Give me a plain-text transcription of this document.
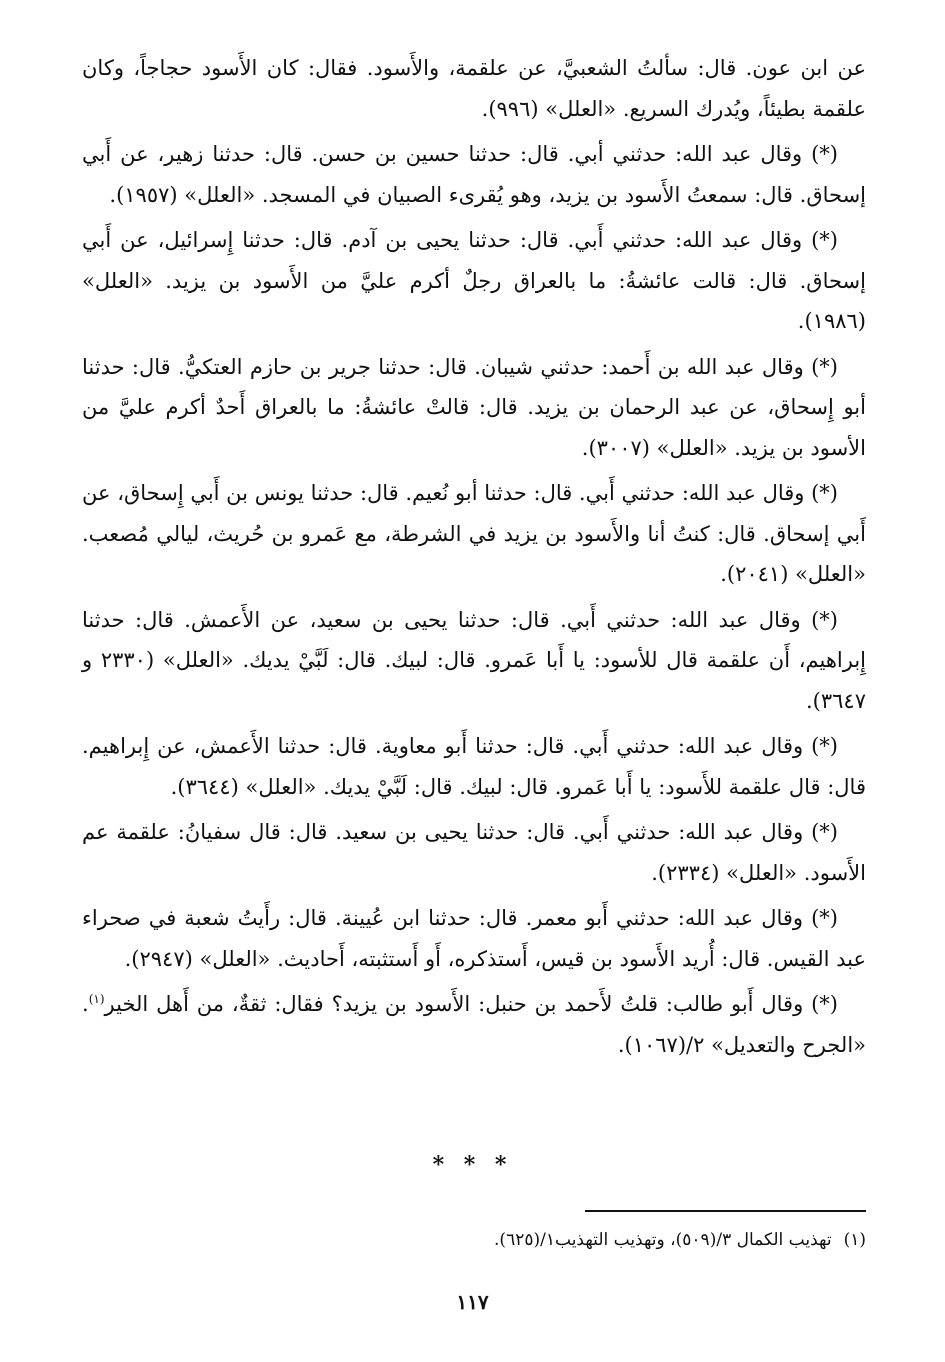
عن ابن عون. قال: سألتُ الشعبيَّ، عن علقمة، والأَسود. فقال: كان الأَسود حجاجاً، وكان علقمة بطيئاً، ويُدرك السريع. «العلل» (٩٩٦).

(*) وقال عبد الله: حدثني أبي. قال: حدثنا حسين بن حسن. قال: حدثنا زهير، عن أَبي إسحاق. قال: سمعتُ الأَسود بن يزيد، وهو يُقرىء الصبيان في المسجد. «العلل» (١٩٥٧).

(*) وقال عبد الله: حدثني أَبي. قال: حدثنا يحيى بن آدم. قال: حدثنا إِسرائيل، عن أَبي إسحاق. قال: قالت عائشةُ: ما بالعراق رجلٌ أكرم عليَّ من الأَسود بن يزيد. «العلل» (١٩٨٦).

(*) وقال عبد الله بن أَحمد: حدثني شيبان. قال: حدثنا جرير بن حازم العتكيُّ. قال: حدثنا أبو إِسحاق، عن عبد الرحمان بن يزيد. قال: قالتْ عائشةُ: ما بالعراق أَحدٌ أكرم عليَّ من الأسود بن يزيد. «العلل» (٣٠٠٧).

(*) وقال عبد الله: حدثني أَبي. قال: حدثنا أبو نُعيم. قال: حدثنا يونس بن أَبي إِسحاق، عن أَبي إسحاق. قال: كنتُ أنا والأَسود بن يزيد في الشرطة، مع عَمرو بن حُريث، ليالي مُصعب. «العلل» (٢٠٤١).

(*) وقال عبد الله: حدثني أَبي. قال: حدثنا يحيى بن سعيد، عن الأَعمش. قال: حدثنا إِبراهيم، أَن علقمة قال للأسود: يا أَبا عَمرو. قال: لبيك. قال: لَبَّيْ يديك. «العلل» (٢٣٣٠ و ٣٦٤٧).

(*) وقال عبد الله: حدثني أَبي. قال: حدثنا أَبو معاوية. قال: حدثنا الأَعمش، عن إِبراهيم. قال: قال علقمة للأَسود: يا أَبا عَمرو. قال: لبيك. قال: لَبَّيْ يديك. «العلل» (٣٦٤٤).

(*) وقال عبد الله: حدثني أَبي. قال: حدثنا يحيى بن سعيد. قال: قال سفيانُ: علقمة عم الأَسود. «العلل» (٢٣٣٤).

(*) وقال عبد الله: حدثني أَبو معمر. قال: حدثنا ابن عُيينة. قال: رأَيتُ شعبة في صحراء عبد القيس. قال: أُريد الأَسود بن قيس، أَستذكره، أَو أَستثبته، أَحاديث. «العلل» (٢٩٤٧).

(*) وقال أَبو طالب: قلتُ لأَحمد بن حنبل: الأَسود بن يزيد؟ فقال: ثقةٌ، من أَهل الخير$^{(١)}$. «الجرح والتعديل» ٢/(١٠٦٧).

* * *
(١)تهذيب الكمال ٣/(٥٠٩)، وتهذيب التهذيب١/(٦٢٥).
١١٧
